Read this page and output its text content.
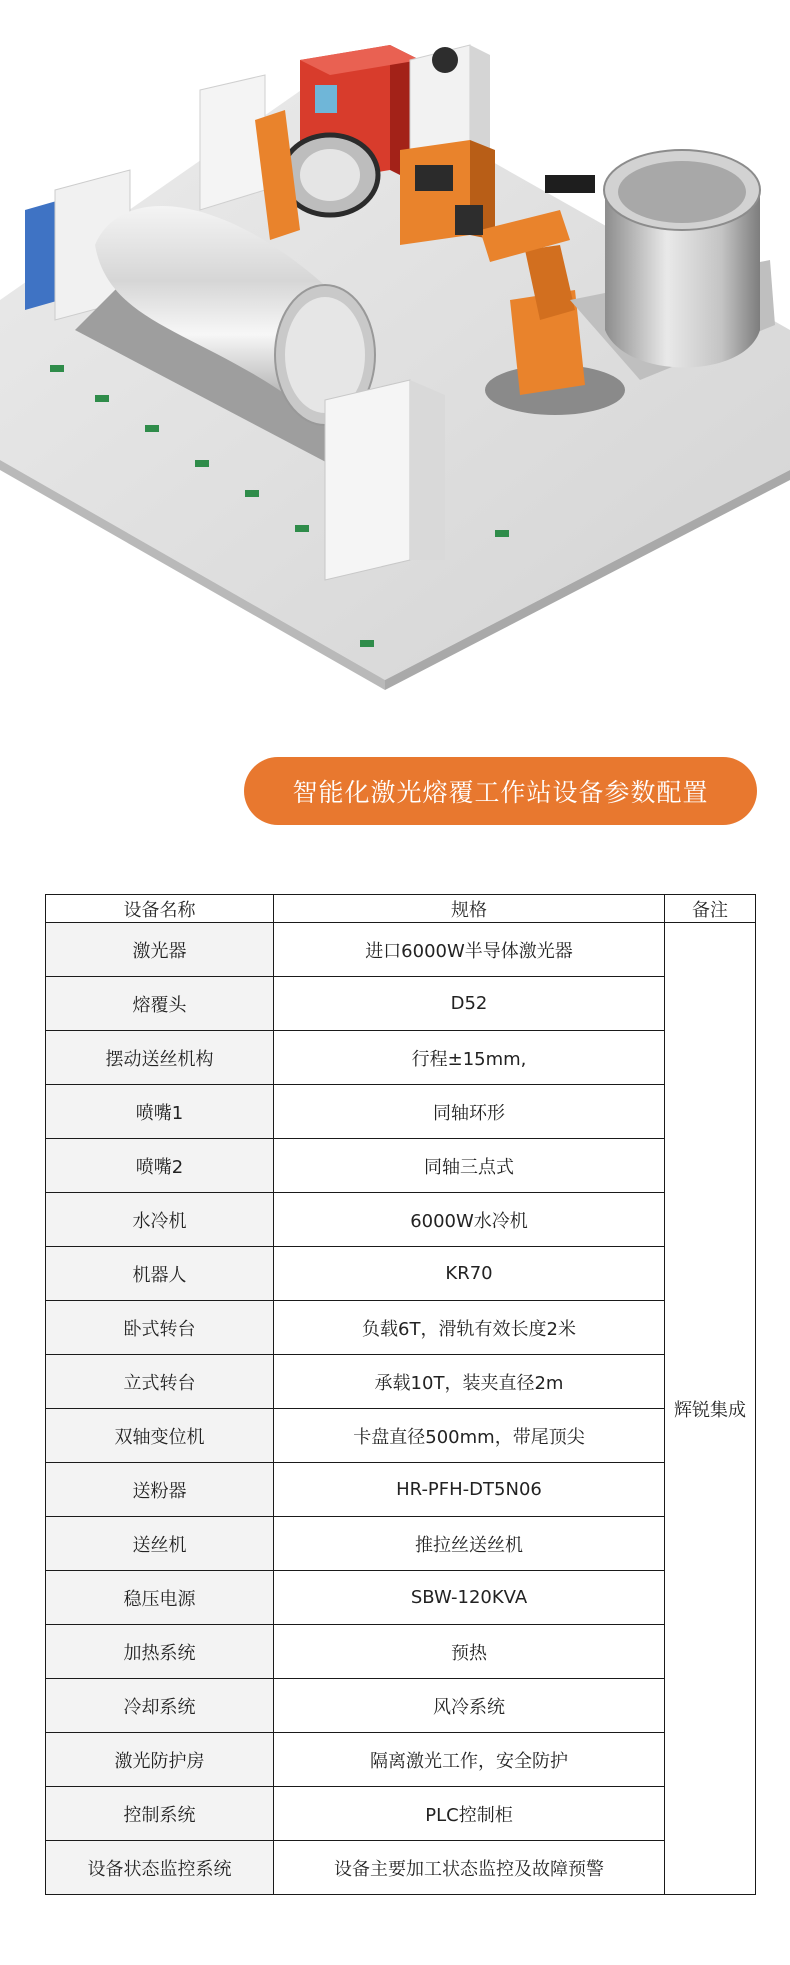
智能化激光熔覆工作站设备参数配置
设备名称	规格	备注
激光器	进口6000W半导体激光器	辉锐集成
熔覆头	D52	
摆动送丝机构	行程±15mm,	
喷嘴1	同轴环形	
喷嘴2	同轴三点式	
水冷机	6000W水冷机	
机器人	KR70	
卧式转台	负载6T，滑轨有效长度2米	
立式转台	承载10T，装夹直径2m	
双轴变位机	卡盘直径500mm，带尾顶尖	
送粉器	HR-PFH-DT5N06	
送丝机	推拉丝送丝机	
稳压电源	SBW-120KVA	
加热系统	预热	
冷却系统	风冷系统	
激光防护房	隔离激光工作，安全防护	
控制系统	PLC控制柜	
设备状态监控系统	设备主要加工状态监控及故障预警	
